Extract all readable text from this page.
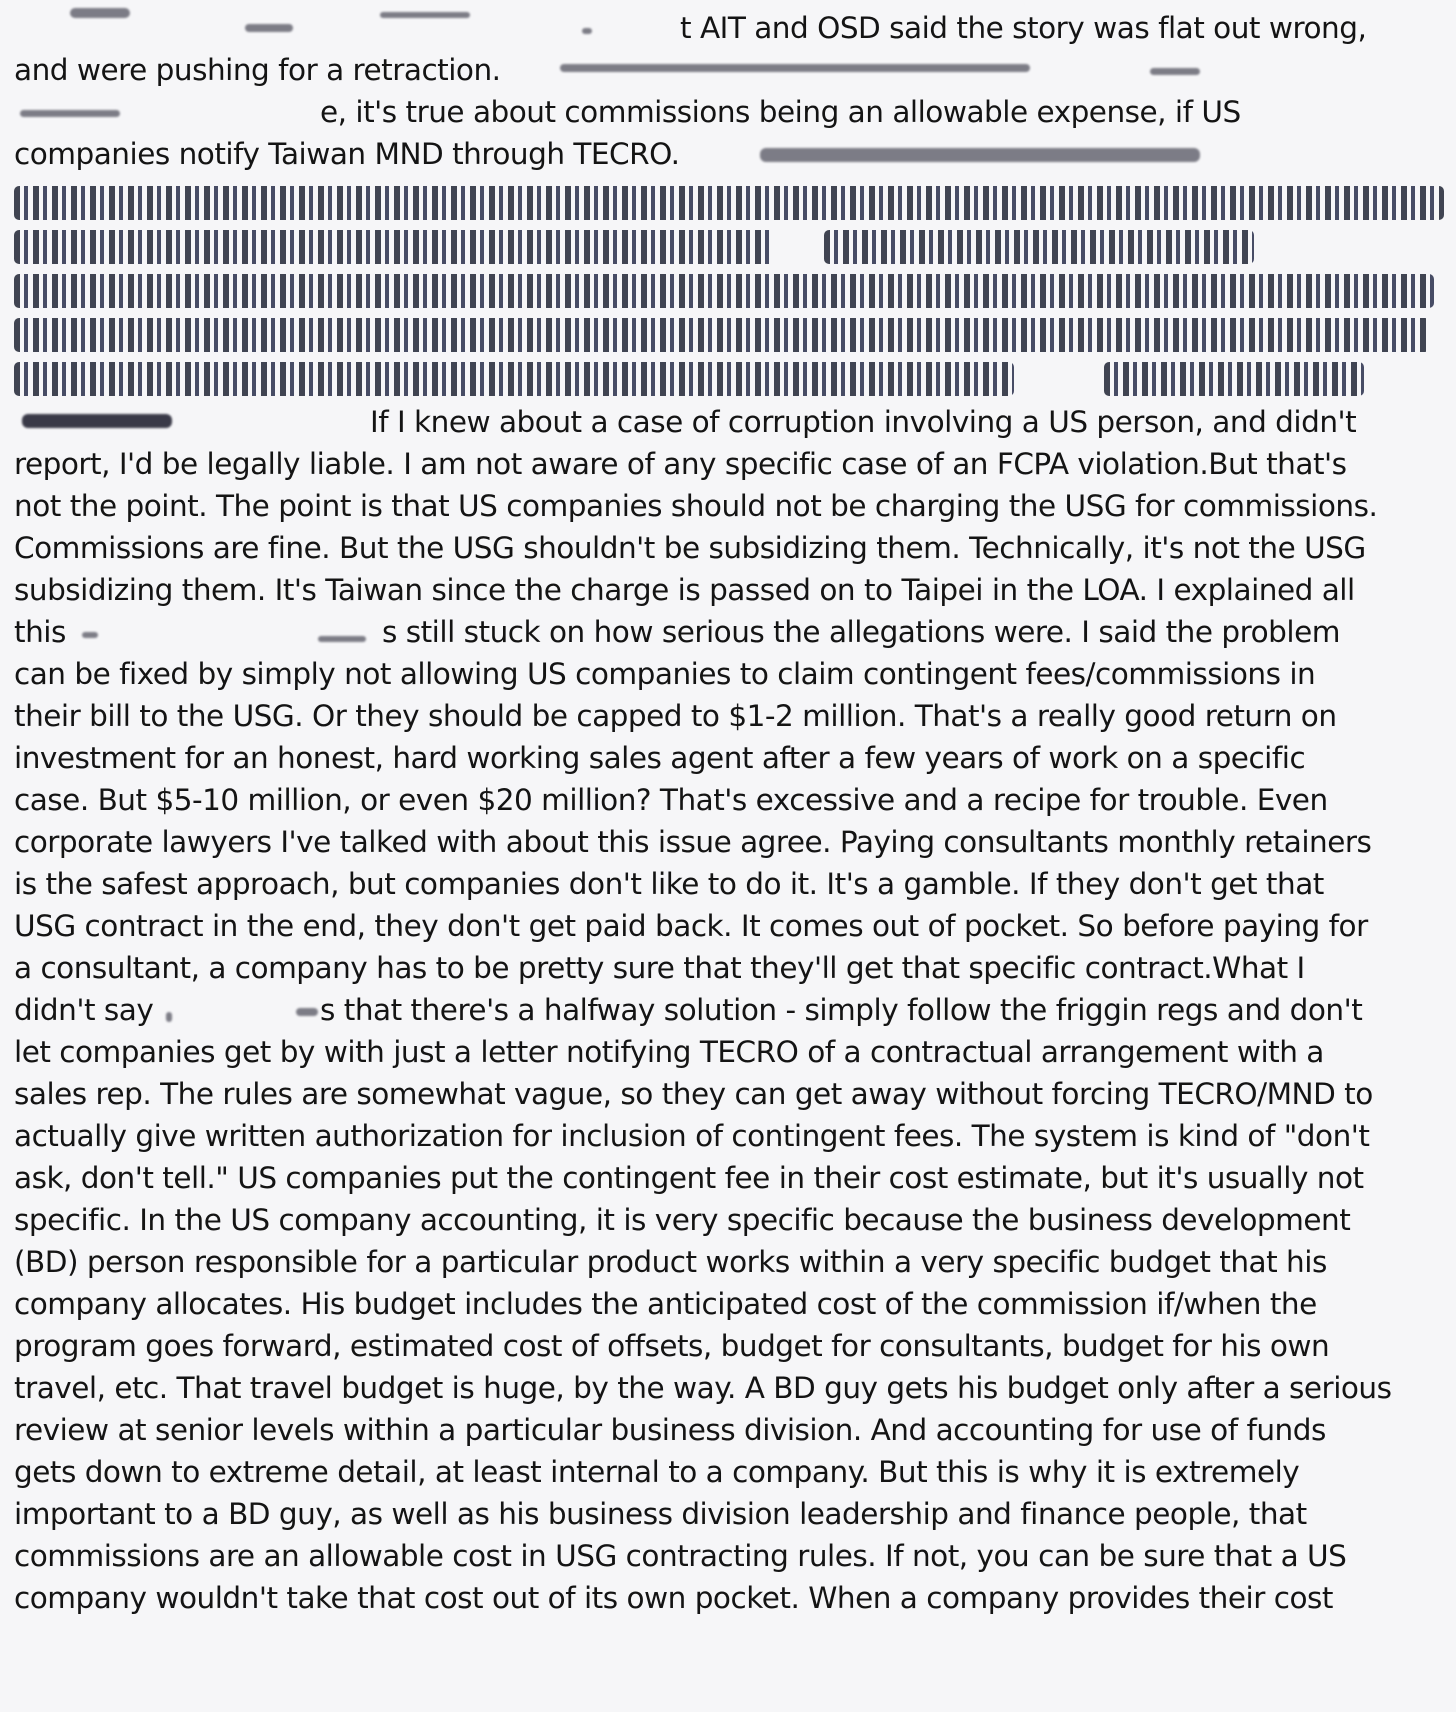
t AIT and OSD said the story was flat out wrong,
and were pushing for a retraction.
e, it's true about commissions being an allowable expense, if US
companies notify Taiwan MND through TECRO.
If I knew about a case of corruption involving a US person, and didn't
report, I'd be legally liable. I am not aware of any specific case of an FCPA violation.But that's
not the point. The point is that US companies should not be charging the USG for commissions.
Commissions are fine. But the USG shouldn't be subsidizing them. Technically, it's not the USG
subsidizing them. It's Taiwan since the charge is passed on to Taipei in the LOA. I explained all
this	s still stuck on how serious the allegations were. I said the problem
can be fixed by simply not allowing US companies to claim contingent fees/commissions in
their bill to the USG. Or they should be capped to $1-2 million. That's a really good return on
investment for an honest, hard working sales agent after a few years of work on a specific
case. But $5-10 million, or even $20 million? That's excessive and a recipe for trouble. Even
corporate lawyers I've talked with about this issue agree. Paying consultants monthly retainers
is the safest approach, but companies don't like to do it. It's a gamble. If they don't get that
USG contract in the end, they don't get paid back. It comes out of pocket. So before paying for
a consultant, a company has to be pretty sure that they'll get that specific contract.What I
didn't say	s that there's a halfway solution - simply follow the friggin regs and don't
let companies get by with just a letter notifying TECRO of a contractual arrangement with a
sales rep. The rules are somewhat vague, so they can get away without forcing TECRO/MND to
actually give written authorization for inclusion of contingent fees. The system is kind of "don't
ask, don't tell." US companies put the contingent fee in their cost estimate, but it's usually not
specific. In the US company accounting, it is very specific because the business development
(BD) person responsible for a particular product works within a very specific budget that his
company allocates. His budget includes the anticipated cost of the commission if/when the
program goes forward, estimated cost of offsets, budget for consultants, budget for his own
travel, etc. That travel budget is huge, by the way. A BD guy gets his budget only after a serious
review at senior levels within a particular business division. And accounting for use of funds
gets down to extreme detail, at least internal to a company. But this is why it is extremely
important to a BD guy, as well as his business division leadership and finance people, that
commissions are an allowable cost in USG contracting rules. If not, you can be sure that a US
company wouldn't take that cost out of its own pocket. When a company provides their cost
